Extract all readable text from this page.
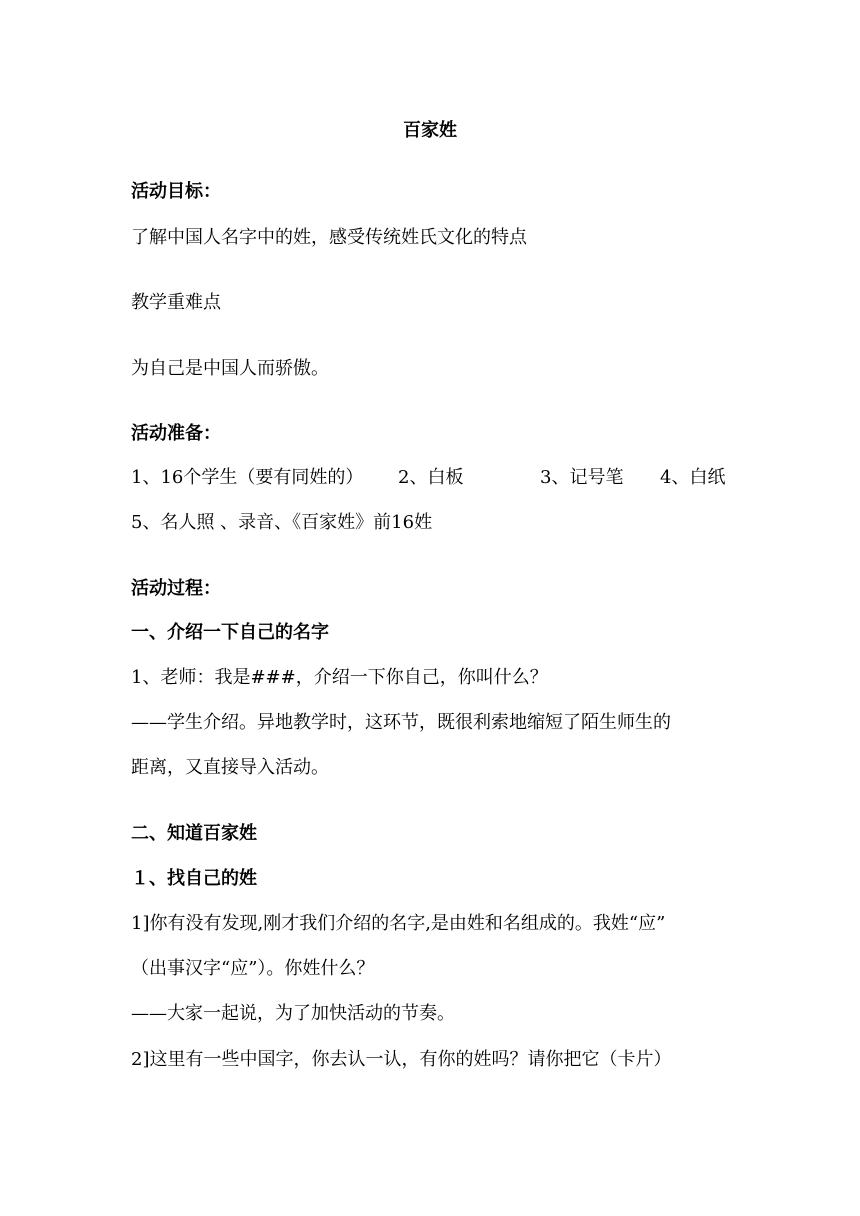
百家姓
活动目标：
了解中国人名字中的姓，感受传统姓氏文化的特点
教学重难点
为自己是中国人而骄傲。
活动准备：
1、16个学生（要有同姓的） 2、白板	3、记号笔 4、白纸
5、名人照 、录音、《百家姓》前16姓
活动过程：
一、介绍一下自己的名字
1、老师：我是###，介绍一下你自己，你叫什么？
——学生介绍。异地教学时，这环节，既很利索地缩短了陌生师生的
距离，又直接导入活动。
二、知道百家姓
１、找自己的姓
1]你有没有发现,刚才我们介绍的名字,是由姓和名组成的。我姓“应”
（出事汉字“应”）。你姓什么？
——大家一起说，为了加快活动的节奏。
2]这里有一些中国字，你去认一认，有你的姓吗？请你把它（卡片）
